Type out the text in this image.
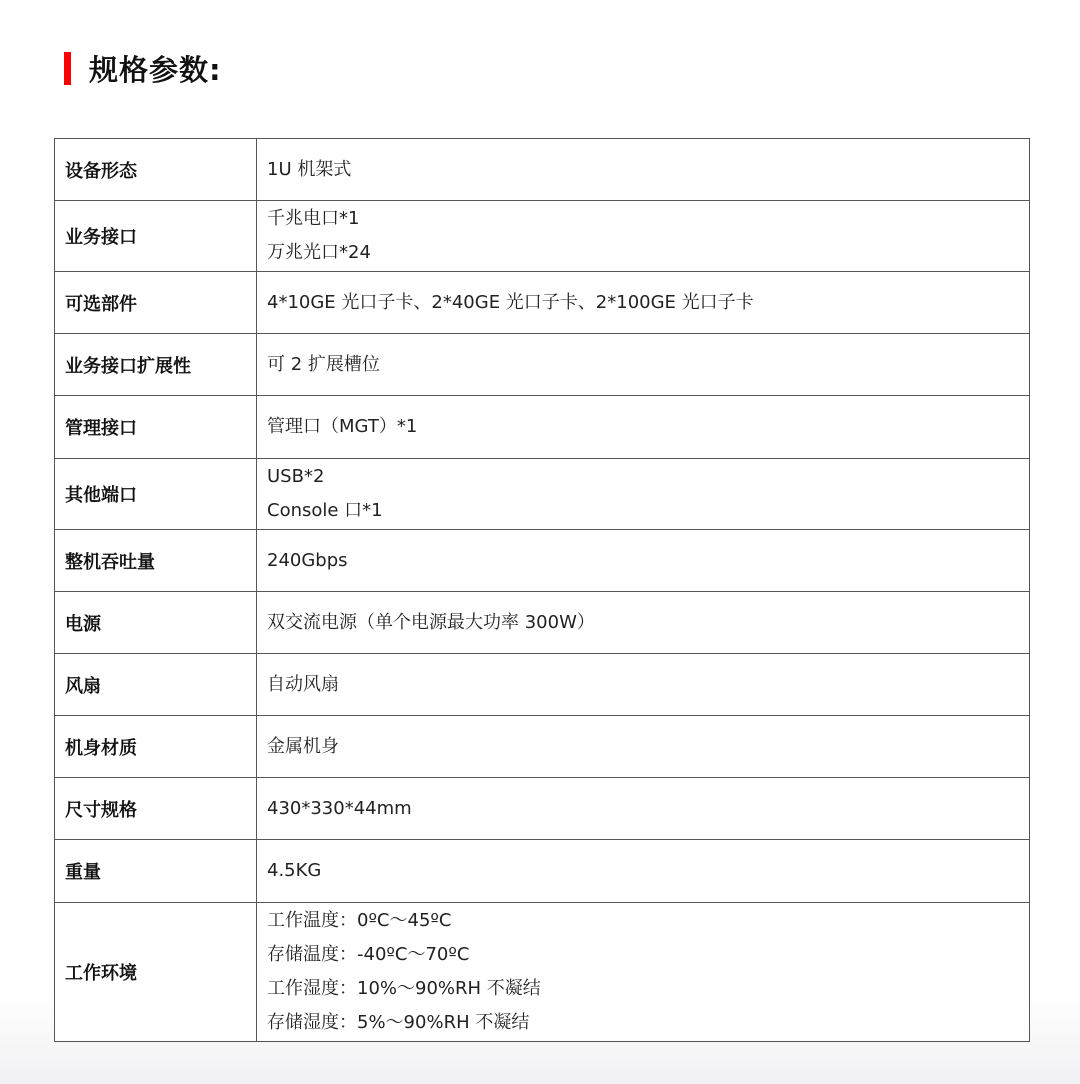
规格参数:
设备形态	1U 机架式

业务接口	千兆电口*1
万兆光口*24

可选部件	4*10GE 光口子卡、2*40GE 光口子卡、2*100GE 光口子卡

业务接口扩展性	可 2 扩展槽位

管理接口	管理口（MGT）*1

其他端口	USB*2
Console 口*1

整机吞吐量	240Gbps

电源	双交流电源（单个电源最大功率 300W）

风扇	自动风扇

机身材质	金属机身

尺寸规格	430*330*44mm

重量	4.5KG

工作环境	工作温度：0ºC～45ºC
存储温度：-40ºC～70ºC
工作湿度：10%～90%RH 不凝结
存储湿度：5%～90%RH 不凝结
